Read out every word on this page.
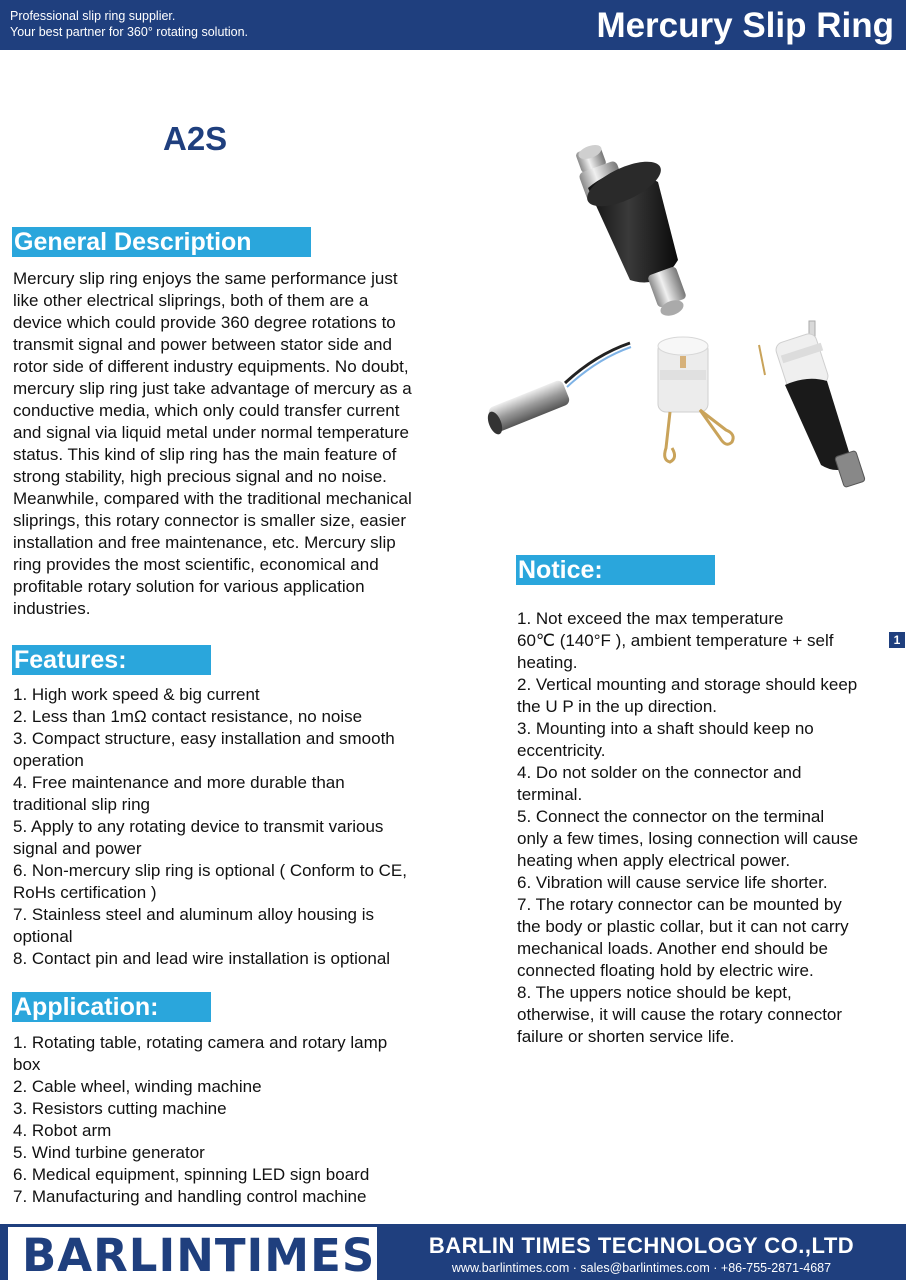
Professional slip ring supplier.
Your best partner for 360° rotating solution.	Mercury Slip Ring
A2S
General Description
Mercury slip ring enjoys the same performance just
like other electrical sliprings, both of them are a
device which could provide 360 degree rotations to
transmit signal and power between stator side and
rotor side of different industry equipments. No doubt,
mercury slip ring just take advantage of mercury as a
conductive media, which only could transfer current
and signal via liquid metal under normal temperature
status. This kind of slip ring has the main feature of
strong stability, high precious signal and no noise.
Meanwhile, compared with the traditional mechanical
sliprings, this rotary connector is smaller size, easier
installation and free maintenance, etc. Mercury slip
ring provides the most scientific, economical and
profitable rotary solution for various application
industries.
Features:
1. High work speed & big current
2. Less than 1mΩ contact resistance, no noise
3. Compact structure, easy installation and smooth
operation
4. Free maintenance and more durable than
traditional slip ring
5. Apply to any rotating device to transmit various
signal and power
6. Non-mercury slip ring is optional ( Conform to CE,
RoHs certification )
7. Stainless steel and aluminum alloy housing is
optional
8. Contact pin and lead wire installation is optional
Application:
1. Rotating table, rotating camera and rotary lamp
box
2. Cable wheel, winding machine
3. Resistors cutting machine
4. Robot arm
5. Wind turbine generator
6. Medical equipment, spinning LED sign board
7. Manufacturing and handling control machine
Notice:
1. Not exceed the max temperature
60℃ (140°F ), ambient temperature + self
heating.
2. Vertical mounting and storage should keep
the U P in the up direction.
3. Mounting into a shaft should keep no
eccentricity.
4. Do not solder on the connector and
terminal.
5. Connect the connector on the terminal
only a few times, losing connection will cause
heating when apply electrical power.
6. Vibration will cause service life shorter.
7. The rotary connector can be mounted by
the body or plastic collar, but it can not carry
mechanical loads. Another end should be
connected floating hold by electric wire.
8. The uppers notice should be kept,
otherwise, it will cause the rotary connector
failure or shorten service life.
1
BARLINTIMES	BARLIN TIMES TECHNOLOGY CO.,LTD
www.barlintimes.com · sales@barlintimes.com · +86-755-2871-4687
